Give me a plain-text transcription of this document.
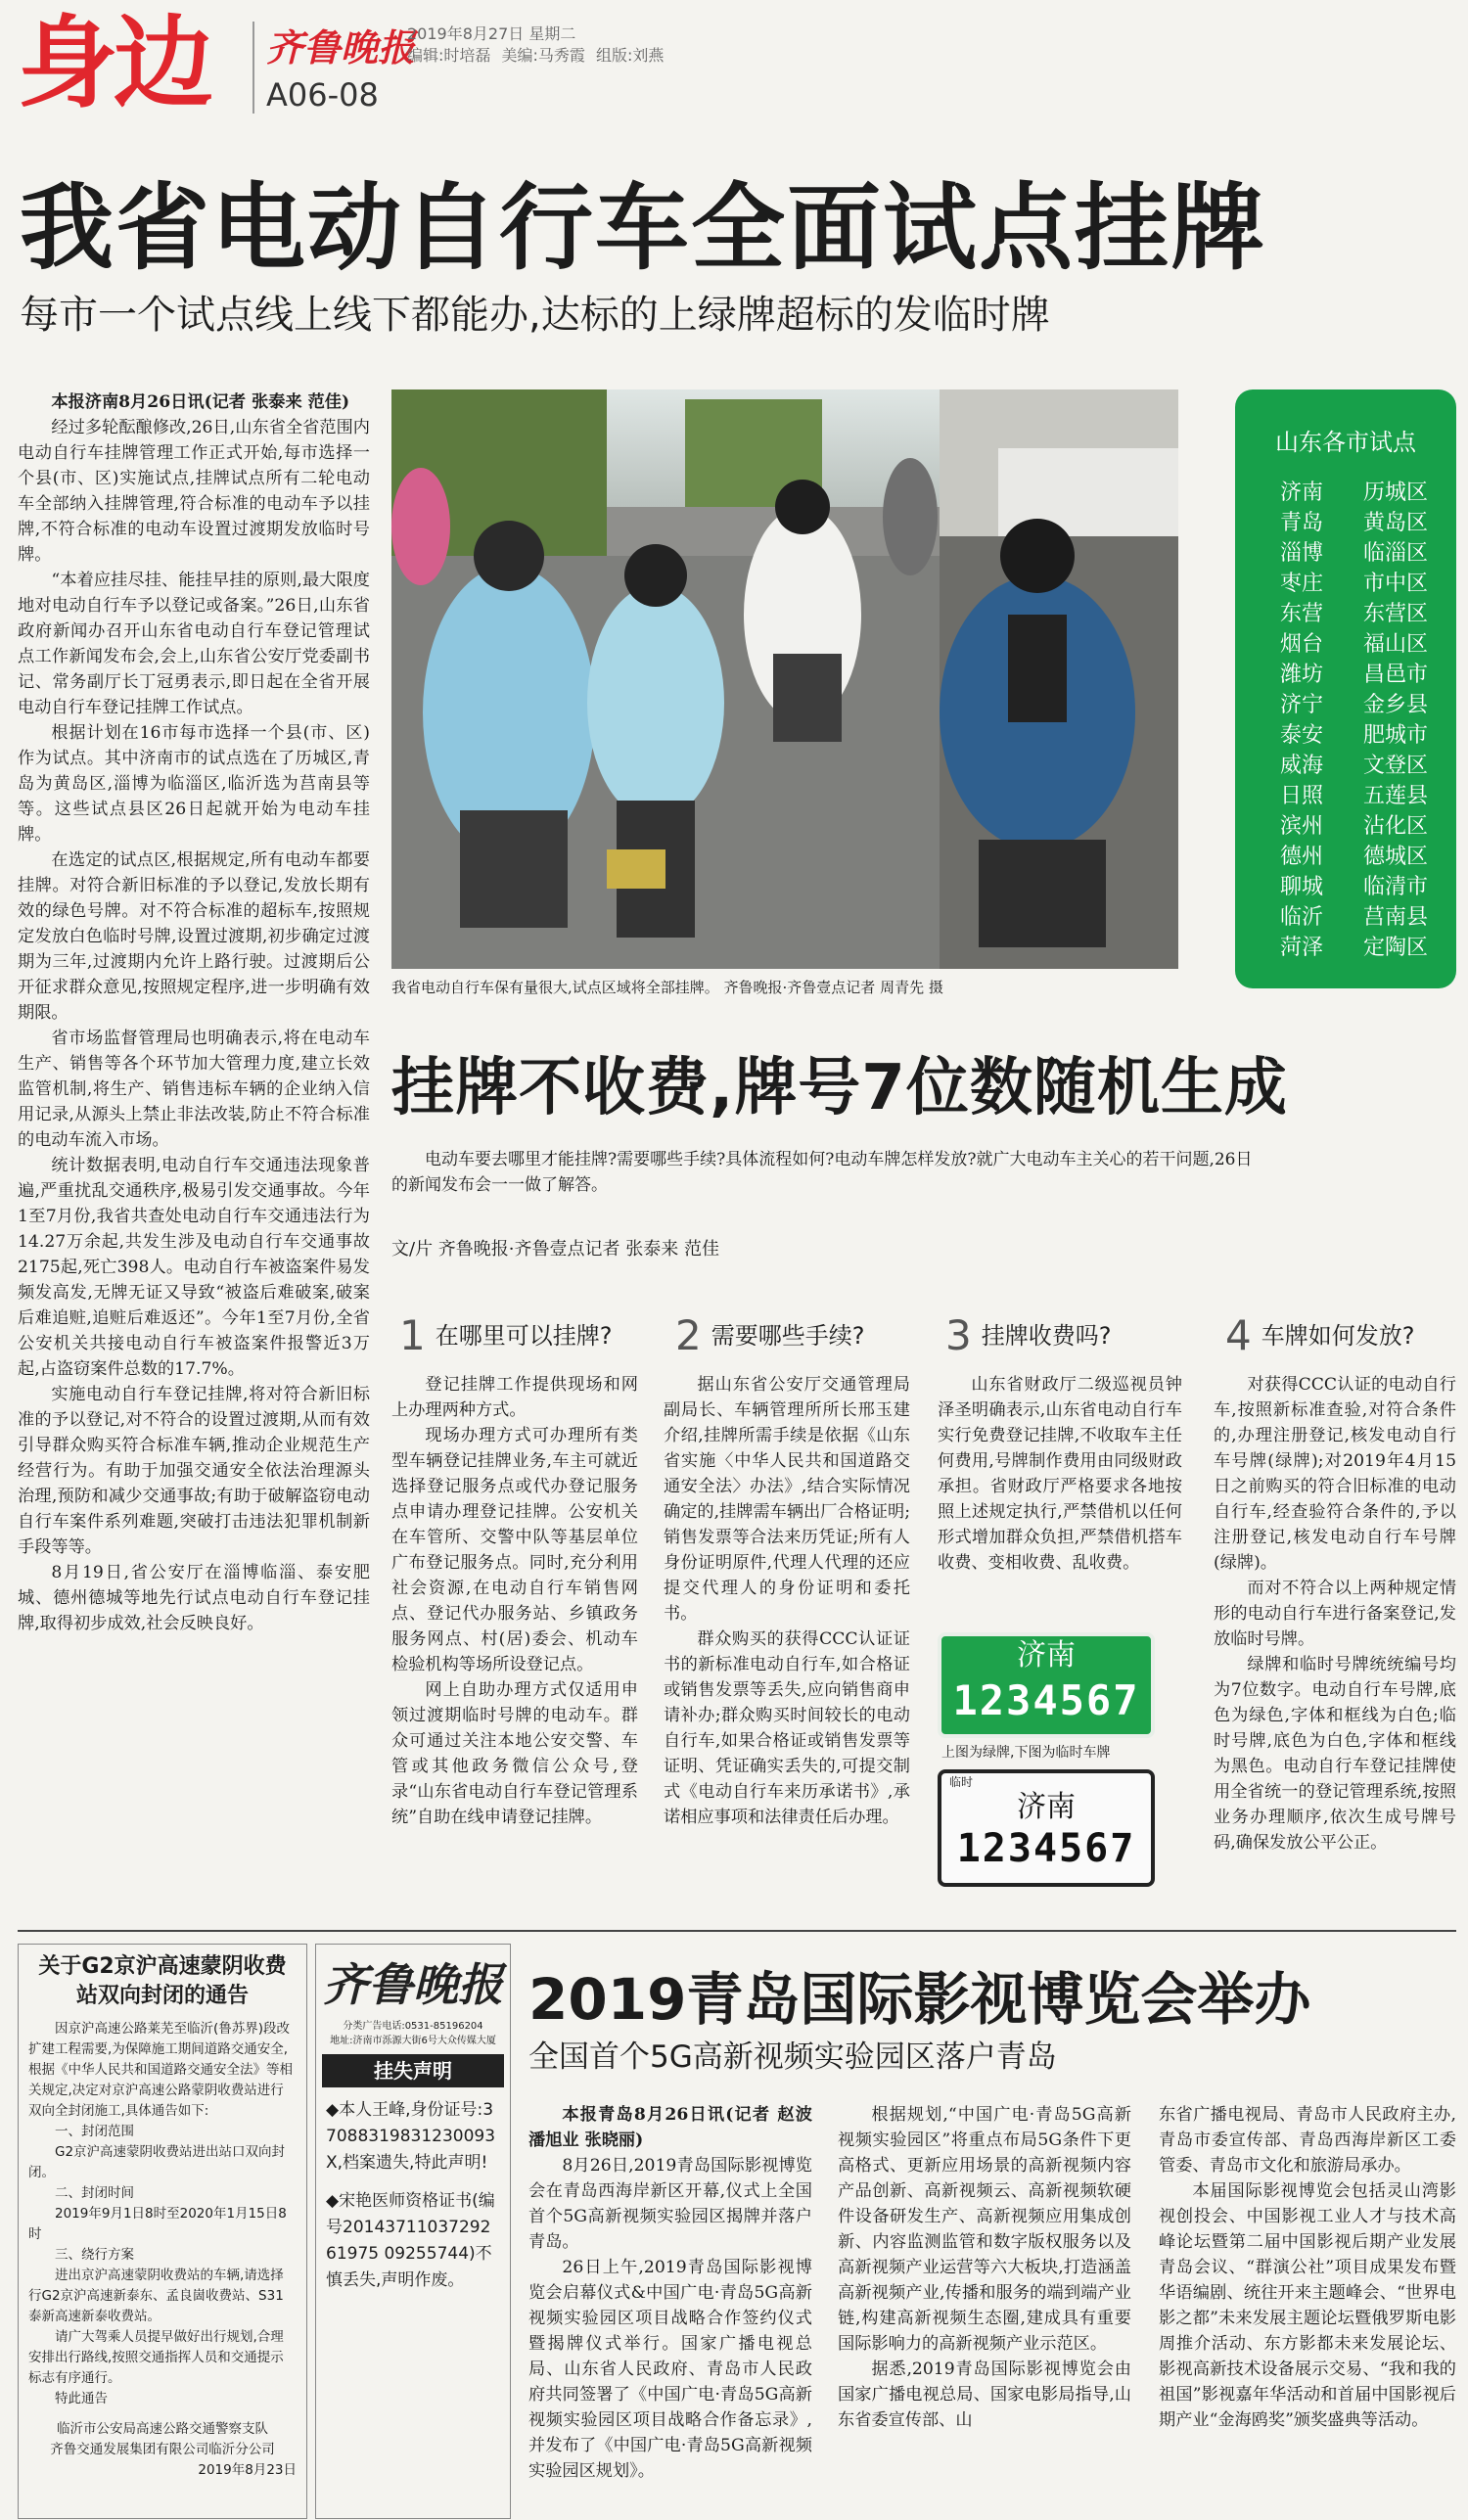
身边 齐鲁晚报
A06-08
2019年8月27日 星期二
编辑:时培磊 美编:马秀霞 组版:刘燕
我省电动自行车全面试点挂牌
每市一个试点线上线下都能办,达标的上绿牌超标的发临时牌

本报济南8月26日讯(记者 张泰来 范佳)

经过多轮酝酿修改,26日,山东省全省范围内电动自行车挂牌管理工作正式开始,每市选择一个县(市、区)实施试点,挂牌试点所有二轮电动车全部纳入挂牌管理,符合标准的电动车予以挂牌,不符合标准的电动车设置过渡期发放临时号牌。

“本着应挂尽挂、能挂早挂的原则,最大限度地对电动自行车予以登记或备案。”26日,山东省政府新闻办召开山东省电动自行车登记管理试点工作新闻发布会,会上,山东省公安厅党委副书记、常务副厅长丁冠勇表示,即日起在全省开展电动自行车登记挂牌工作试点。

根据计划在16市每市选择一个县(市、区)作为试点。其中济南市的试点选在了历城区,青岛为黄岛区,淄博为临淄区,临沂选为莒南县等等。这些试点县区26日起就开始为电动车挂牌。

在选定的试点区,根据规定,所有电动车都要挂牌。对符合新旧标准的予以登记,发放长期有效的绿色号牌。对不符合标准的超标车,按照规定发放白色临时号牌,设置过渡期,初步确定过渡期为三年,过渡期内允许上路行驶。过渡期后公开征求群众意见,按照规定程序,进一步明确有效期限。

省市场监督管理局也明确表示,将在电动车生产、销售等各个环节加大管理力度,建立长效监管机制,将生产、销售违标车辆的企业纳入信用记录,从源头上禁止非法改装,防止不符合标准的电动车流入市场。

统计数据表明,电动自行车交通违法现象普遍,严重扰乱交通秩序,极易引发交通事故。今年1至7月份,我省共查处电动自行车交通违法行为14.27万余起,共发生涉及电动自行车交通事故2175起,死亡398人。电动自行车被盗案件易发频发高发,无牌无证又导致“被盗后难破案,破案后难追赃,追赃后难返还”。今年1至7月份,全省公安机关共接电动自行车被盗案件报警近3万起,占盗窃案件总数的17.7%。

实施电动自行车登记挂牌,将对符合新旧标准的予以登记,对不符合的设置过渡期,从而有效引导群众购买符合标准车辆,推动企业规范生产经营行为。有助于加强交通安全依法治理源头治理,预防和减少交通事故;有助于破解盗窃电动自行车案件系列难题,突破打击违法犯罪机制新手段等等。

8月19日,省公安厅在淄博临淄、泰安肥城、德州德城等地先行试点电动自行车登记挂牌,取得初步成效,社会反映良好。

我省电动自行车保有量很大,试点区域将全部挂牌。 齐鲁晚报·齐鲁壹点记者 周青先 摄
山东各市试点
济南	历城区
青岛	黄岛区
淄博	临淄区
枣庄	市中区
东营	东营区
烟台	福山区
潍坊	昌邑市
济宁	金乡县
泰安	肥城市
威海	文登区
日照	五莲县
滨州	沾化区
德州	德城区
聊城	临清市
临沂	莒南县
菏泽	定陶区
挂牌不收费,牌号7位数随机生成
电动车要去哪里才能挂牌?需要哪些手续?具体流程如何?电动车牌怎样发放?就广大电动车主关心的若干问题,26日的新闻发布会一一做了解答。
文/片 齐鲁晚报·齐鲁壹点记者 张泰来 范佳
1 在哪里可以挂牌? 2 需要哪些手续? 3 挂牌收费吗?	4 车牌如何发放?

登记挂牌工作提供现场和网上办理两种方式。

现场办理方式可办理所有类型车辆登记挂牌业务,车主可就近选择登记服务点或代办登记服务点申请办理登记挂牌。公安机关在车管所、交警中队等基层单位广布登记服务点。同时,充分利用社会资源,在电动自行车销售网点、登记代办服务站、乡镇政务服务网点、村(居)委会、机动车检验机构等场所设登记点。

网上自助办理方式仅适用申领过渡期临时号牌的电动车。群众可通过关注本地公安交警、车管或其他政务微信公众号,登录“山东省电动自行车登记管理系统”自助在线申请登记挂牌。

据山东省公安厅交通管理局副局长、车辆管理所所长邢玉建介绍,挂牌所需手续是依据《山东省实施〈中华人民共和国道路交通安全法〉办法》,结合实际情况确定的,挂牌需车辆出厂合格证明;销售发票等合法来历凭证;所有人身份证明原件,代理人代理的还应提交代理人的身份证明和委托书。

群众购买的获得CCC认证证书的新标准电动自行车,如合格证或销售发票等丢失,应向销售商申请补办;群众购买时间较长的电动自行车,如果合格证或销售发票等证明、凭证确实丢失的,可提交制式《电动自行车来历承诺书》,承诺相应事项和法律责任后办理。

山东省财政厅二级巡视员钟泽圣明确表示,山东省电动自行车实行免费登记挂牌,不收取车主任何费用,号牌制作费用由同级财政承担。省财政厅严格要求各地按照上述规定执行,严禁借机以任何形式增加群众负担,严禁借机搭车收费、变相收费、乱收费。

济南
1234567
上图为绿牌,下图为临时车牌
临时
济南
1234567

对获得CCC认证的电动自行车,按照新标准查验,对符合条件的,办理注册登记,核发电动自行车号牌(绿牌);对2019年4月15日之前购买的符合旧标准的电动自行车,经查验符合条件的,予以注册登记,核发电动自行车号牌(绿牌)。

而对不符合以上两种规定情形的电动自行车进行备案登记,发放临时号牌。

绿牌和临时号牌统统编号均为7位数字。电动自行车号牌,底色为绿色,字体和框线为白色;临时号牌,底色为白色,字体和框线为黑色。电动自行车登记挂牌使用全省统一的登记管理系统,按照业务办理顺序,依次生成号牌号码,确保发放公平公正。

关于G2京沪高速蒙阴收费站双向封闭的通告

因京沪高速公路莱芜至临沂(鲁苏界)段改扩建工程需要,为保障施工期间道路交通安全,根据《中华人民共和国道路交通安全法》等相关规定,决定对京沪高速公路蒙阴收费站进行双向全封闭施工,具体通告如下:

一、封闭范围

G2京沪高速蒙阴收费站进出站口双向封闭。

二、封闭时间

2019年9月1日8时至2020年1月15日8时

三、绕行方案

进出京沪高速蒙阴收费站的车辆,请选择行G2京沪高速新泰东、孟良崮收费站、S31泰新高速新泰收费站。

请广大驾乘人员提早做好出行规划,合理安排出行路线,按照交通指挥人员和交通提示标志有序通行。

特此通告

临沂市公安局高速公路交通警察支队

齐鲁交通发展集团有限公司临沂分公司

2019年8月23日

齐鲁晚报
分类广告电话:0531-85196204
地址:济南市泺源大街6号大众传媒大厦
挂失声明

◆本人王峰,身份证号:37088319831230093X,档案遗失,特此声明!

◆宋艳医师资格证书(编号2014371103729261975 09255744)不慎丢失,声明作废。

2019青岛国际影视博览会举办
全国首个5G高新视频实验园区落户青岛

本报青岛8月26日讯(记者 赵波 潘旭业 张晓丽)

8月26日,2019青岛国际影视博览会在青岛西海岸新区开幕,仪式上全国首个5G高新视频实验园区揭牌并落户青岛。

26日上午,2019青岛国际影视博览会启幕仪式&中国广电·青岛5G高新视频实验园区项目战略合作签约仪式暨揭牌仪式举行。国家广播电视总局、山东省人民政府、青岛市人民政府共同签署了《中国广电·青岛5G高新视频实验园区项目战略合作备忘录》,并发布了《中国广电·青岛5G高新视频实验园区规划》。

根据规划,“中国广电·青岛5G高新视频实验园区”将重点布局5G条件下更高格式、更新应用场景的高新视频内容产品创新、高新视频云、高新视频软硬件设备研发生产、高新视频应用集成创新、内容监测监管和数字版权服务以及高新视频产业运营等六大板块,打造涵盖高新视频产业,传播和服务的端到端产业链,构建高新视频生态圈,建成具有重要国际影响力的高新视频产业示范区。

据悉,2019青岛国际影视博览会由国家广播电视总局、国家电影局指导,山东省委宣传部、山

东省广播电视局、青岛市人民政府主办,青岛市委宣传部、青岛西海岸新区工委管委、青岛市文化和旅游局承办。

本届国际影视博览会包括灵山湾影视创投会、中国影视工业人才与技术高峰论坛暨第二届中国影视后期产业发展青岛会议、“群演公社”项目成果发布暨华语编剧、统往开来主题峰会、“世界电影之都”未来发展主题论坛暨俄罗斯电影周推介活动、东方影都未来发展论坛、影视高新技术设备展示交易、“我和我的祖国”影视嘉年华活动和首届中国影视后期产业“金海鸥奖”颁奖盛典等活动。
